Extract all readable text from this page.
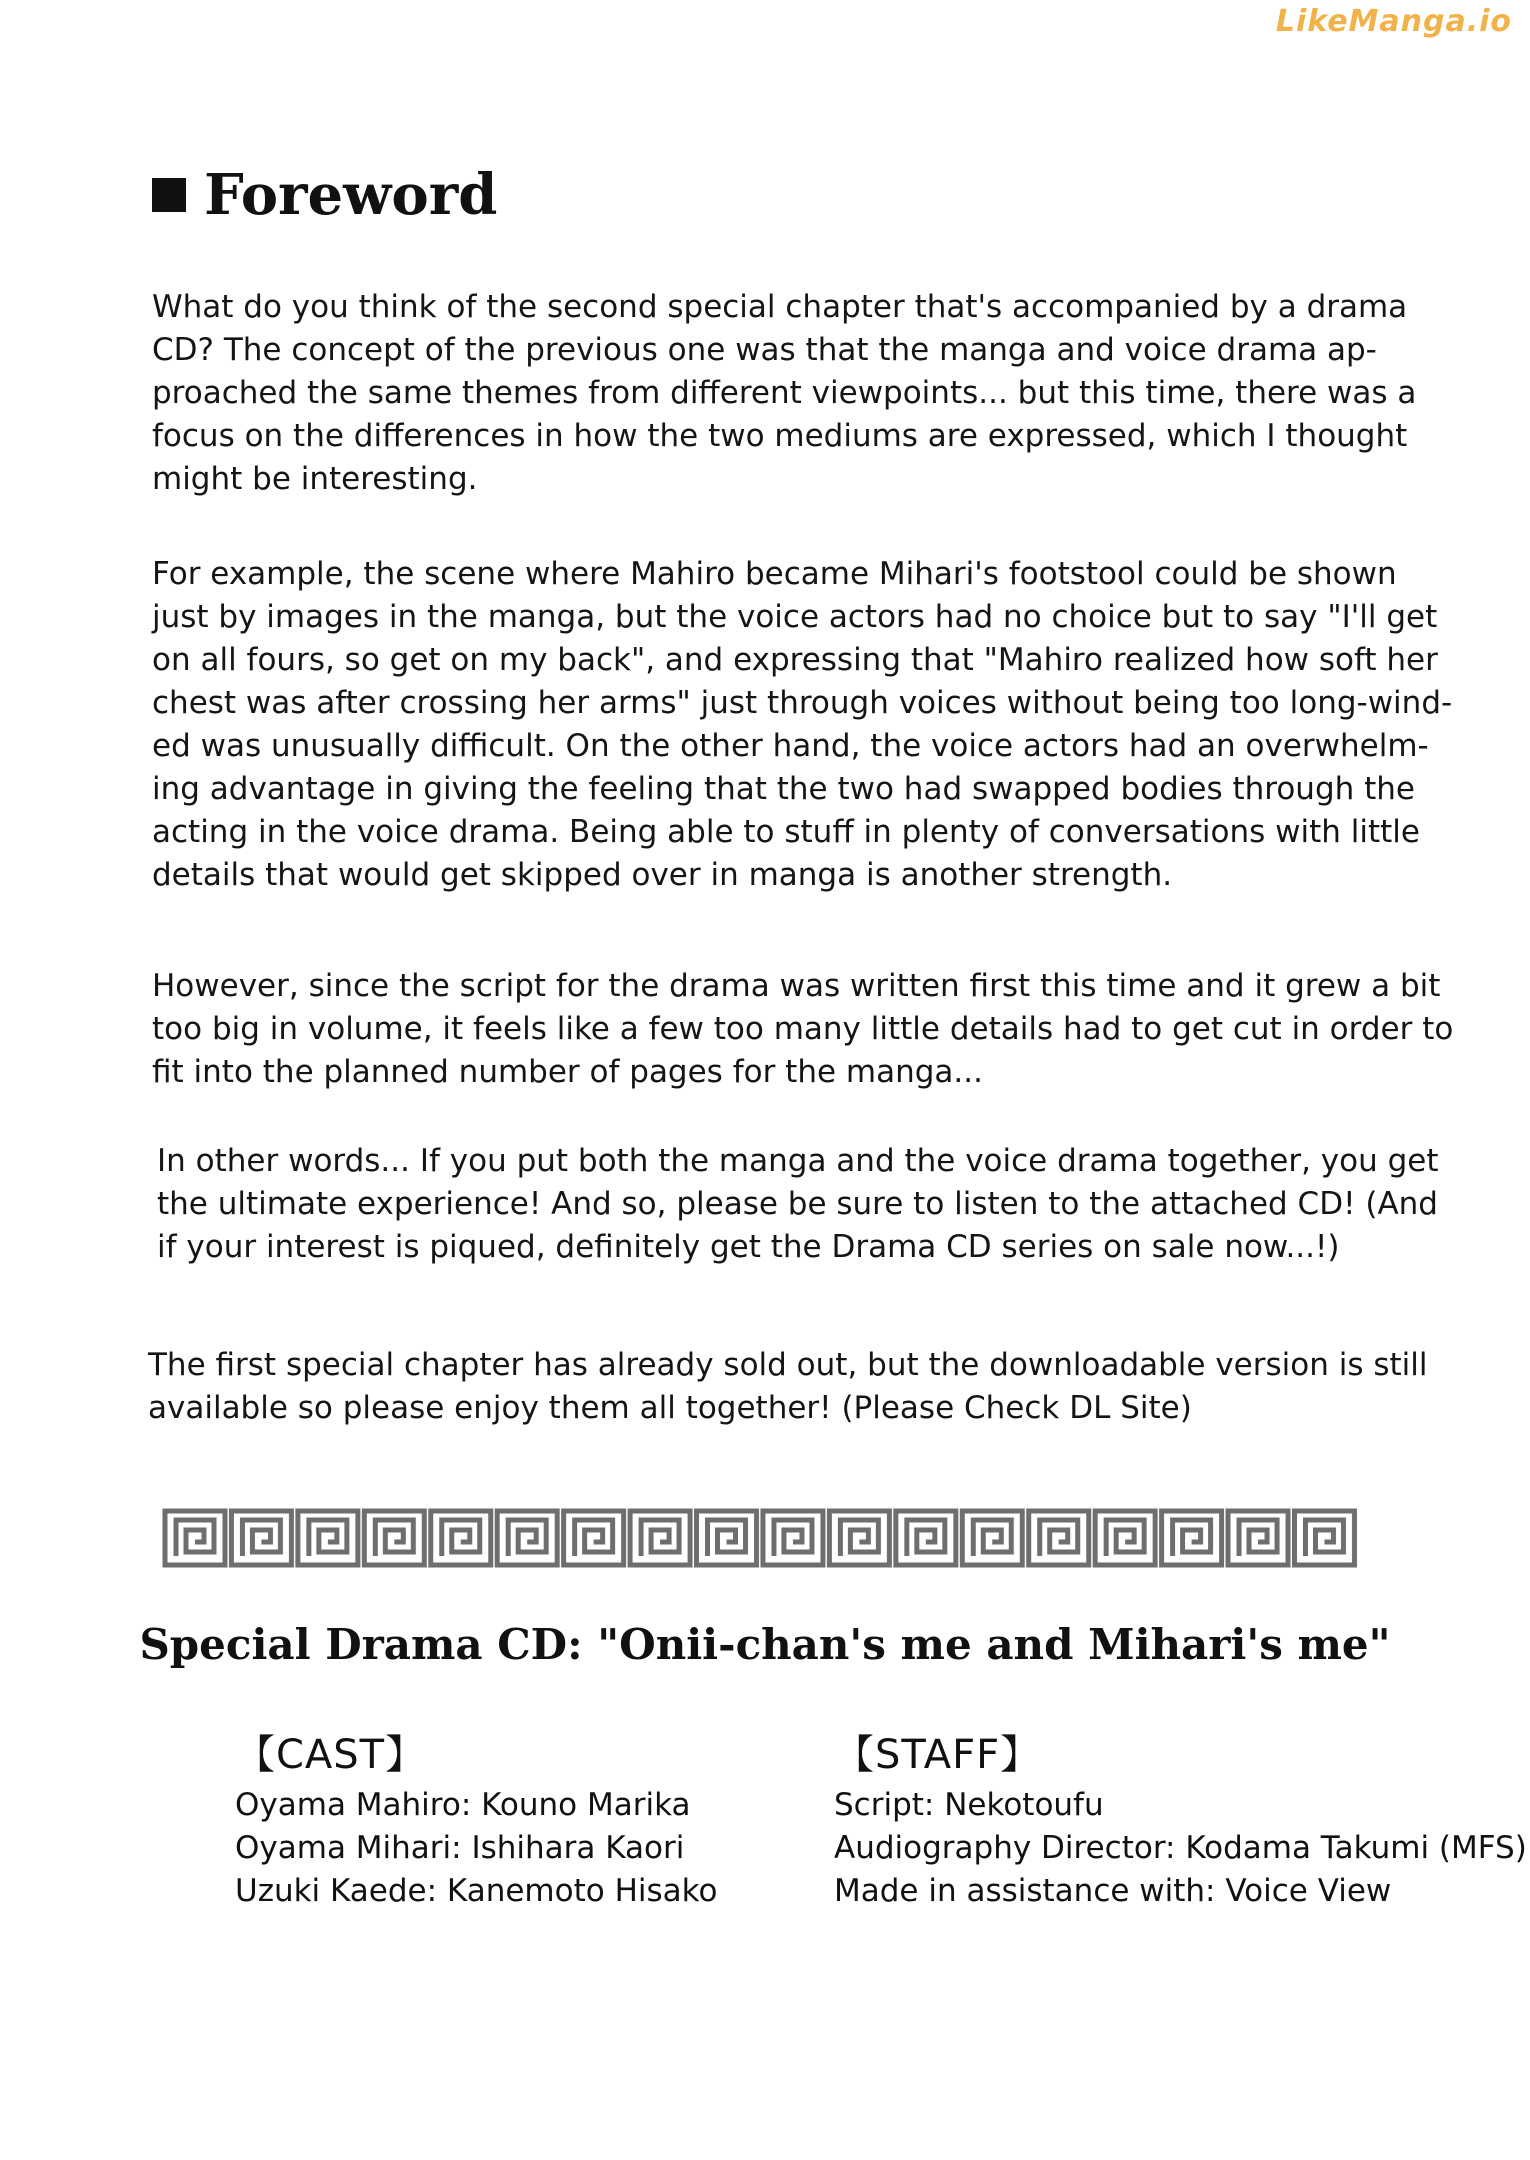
LikeManga.io
Foreword

What do you think of the second special chapter that's accompanied by a drama
CD? The concept of the previous one was that the manga and voice drama ap-
proached the same themes from different viewpoints... but this time, there was a
focus on the differences in how the two mediums are expressed, which I thought
might be interesting.

For example, the scene where Mahiro became Mihari's footstool could be shown
just by images in the manga, but the voice actors had no choice but to say "I'll get
on all fours, so get on my back", and expressing that "Mahiro realized how soft her
chest was after crossing her arms" just through voices without being too long-wind-
ed was unusually difficult. On the other hand, the voice actors had an overwhelm-
ing advantage in giving the feeling that the two had swapped bodies through the
acting in the voice drama. Being able to stuff in plenty of conversations with little
details that would get skipped over in manga is another strength.

However, since the script for the drama was written first this time and it grew a bit
too big in volume, it feels like a few too many little details had to get cut in order to
fit into the planned number of pages for the manga...

In other words... If you put both the manga and the voice drama together, you get
the ultimate experience! And so, please be sure to listen to the attached CD! (And
if your interest is piqued, definitely get the Drama CD series on sale now...!)

The first special chapter has already sold out, but the downloadable version is still
available so please enjoy them all together! (Please Check DL Site)

Special Drama CD: "Onii-chan's me and Mihari's me"
【CAST】
Oyama Mahiro: Kouno Marika
Oyama Mihari: Ishihara Kaori
Uzuki Kaede: Kanemoto Hisako
【STAFF】
Script: Nekotoufu
Audiography Director: Kodama Takumi (MFS)
Made in assistance with: Voice View
